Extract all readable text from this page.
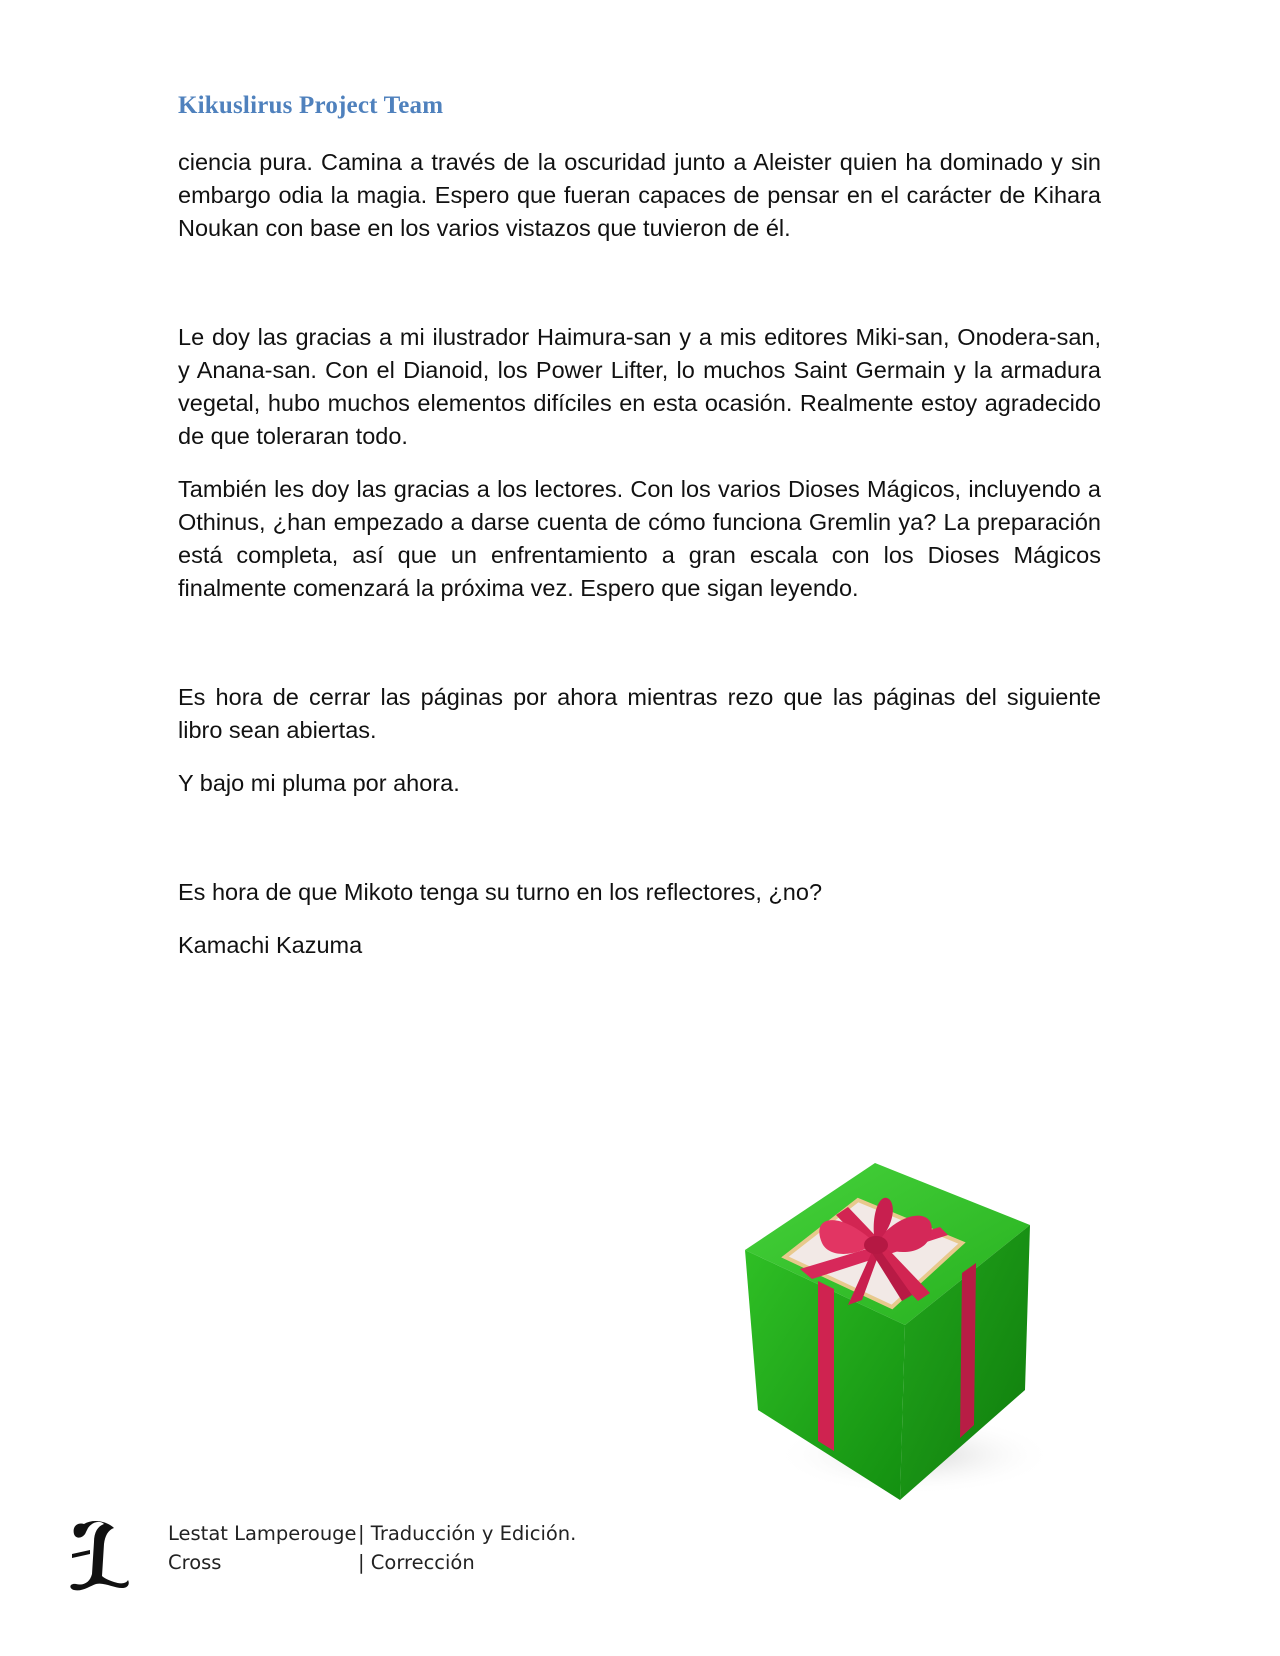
Kikuslirus Project Team

ciencia pura. Camina a través de la oscuridad junto a Aleister quien ha dominado y sin embargo odia la magia. Espero que fueran capaces de pensar en el carácter de Kihara Noukan con base en los varios vistazos que tuvieron de él.

Le doy las gracias a mi ilustrador Haimura-san y a mis editores Miki-san, Onodera-san, y Anana-san. Con el Dianoid, los Power Lifter, lo muchos Saint Germain y la armadura vegetal, hubo muchos elementos difíciles en esta ocasión. Realmente estoy agradecido de que toleraran todo.

También les doy las gracias a los lectores. Con los varios Dioses Mágicos, incluyendo a Othinus, ¿han empezado a darse cuenta de cómo funciona Gremlin ya? La preparación está completa, así que un enfrentamiento a gran escala con los Dioses Mágicos finalmente comenzará la próxima vez. Espero que sigan leyendo.

Es hora de cerrar las páginas por ahora mientras rezo que las páginas del siguiente libro sean abiertas.

Y bajo mi pluma por ahora.

Es hora de que Mikoto tenga su turno en los reflectores, ¿no?

Kamachi Kazuma

Lestat Lamperouge | Traducción y Edición.
Cross	| Corrección
